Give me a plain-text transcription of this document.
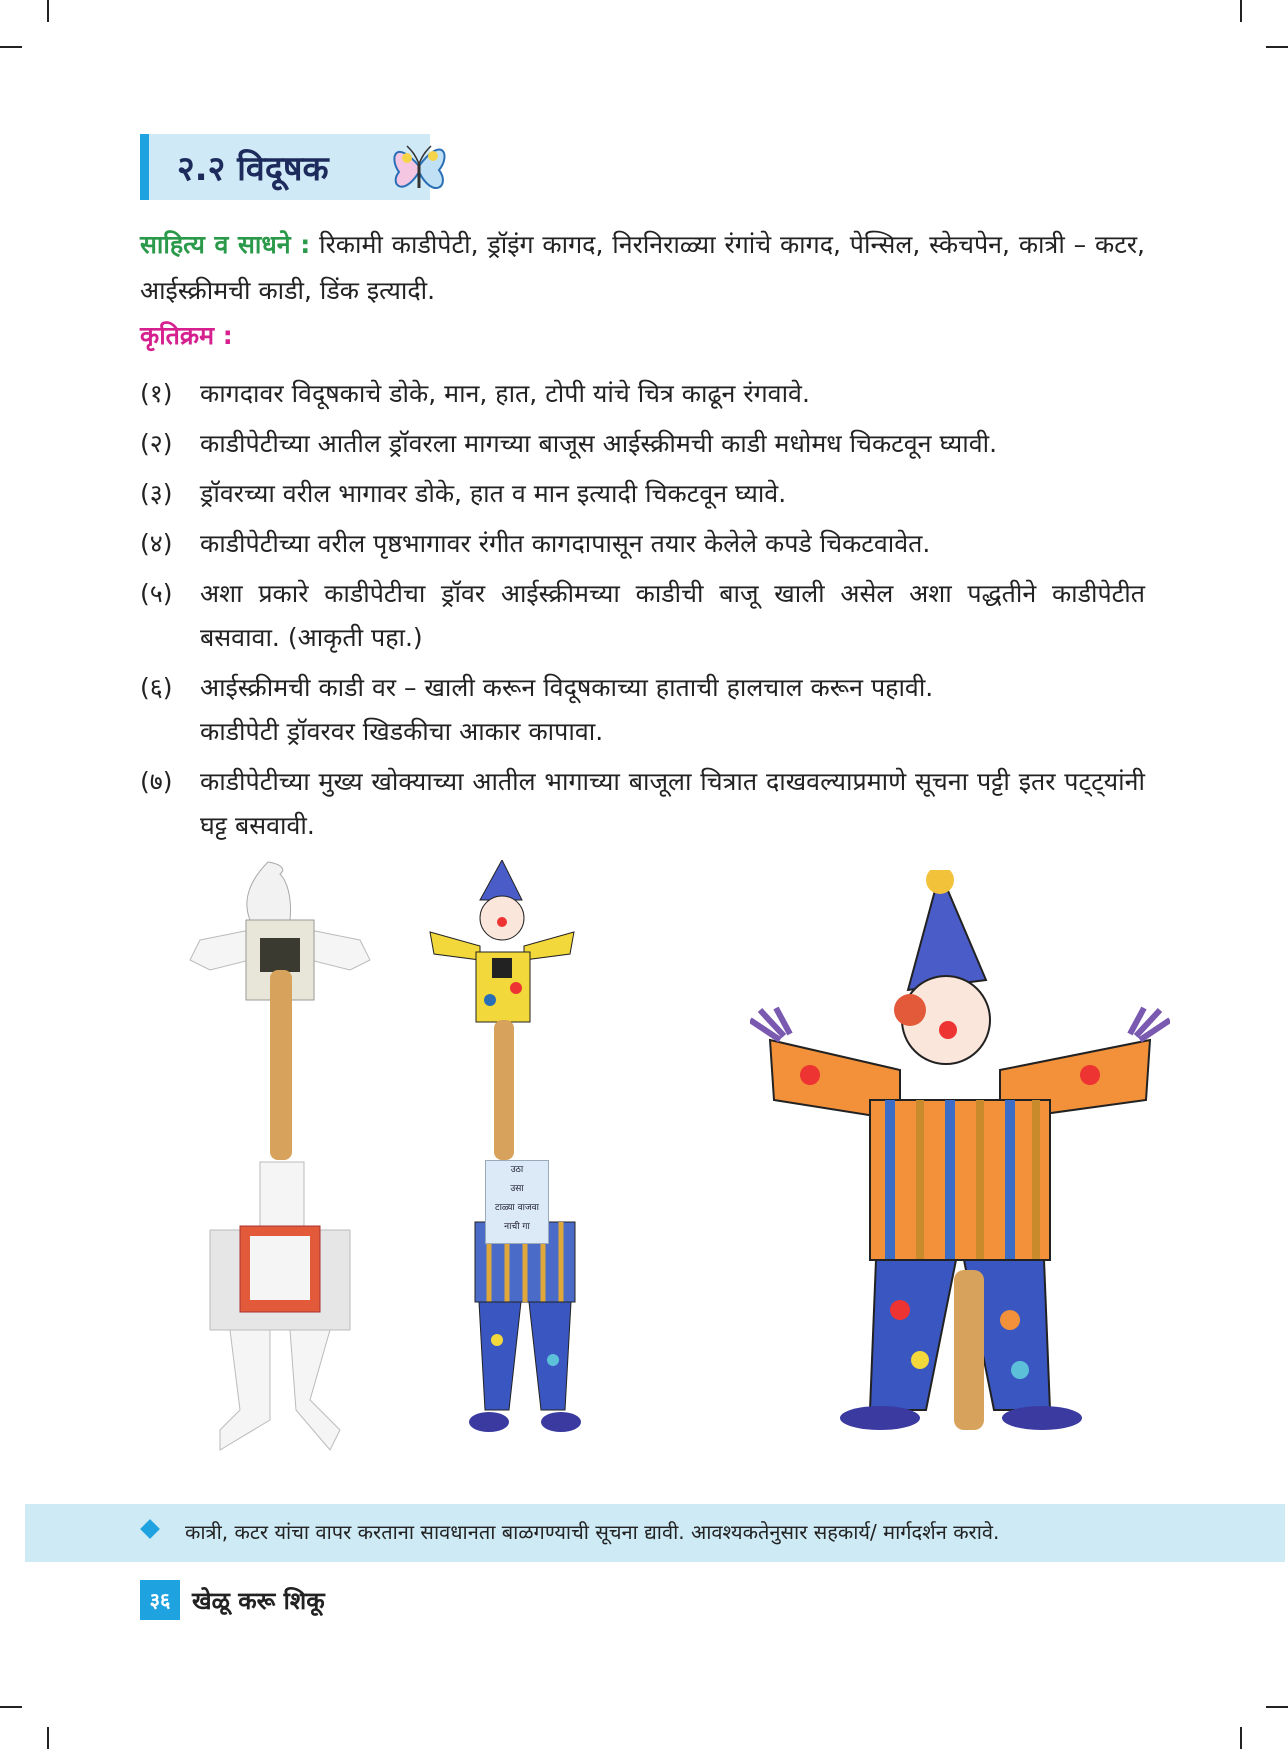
२.२ विदूषक
साहित्य व साधने : रिकामी काडीपेटी, ड्रॉइंग कागद, निरनिराळ्या रंगांचे कागद, पेन्सिल, स्केचपेन, कात्री – कटर, आईस्क्रीमची काडी, डिंक इत्यादी.
कृतिक्रम :
(१) कागदावर विदूषकाचे डोके, मान, हात, टोपी यांचे चित्र काढून रंगवावे.
(२) काडीपेटीच्या आतील ड्रॉवरला मागच्या बाजूस आईस्क्रीमची काडी मधोमध चिकटवून घ्यावी.
(३) ड्रॉवरच्या वरील भागावर डोके, हात व मान इत्यादी चिकटवून घ्यावे.
(४) काडीपेटीच्या वरील पृष्ठभागावर रंगीत कागदापासून तयार केलेले कपडे चिकटवावेत.
(५) अशा प्रकारे काडीपेटीचा ड्रॉवर आईस्क्रीमच्या काडीची बाजू खाली असेल अशा पद्धतीने काडीपेटीत बसवावा. (आकृती पहा.)
(६) आईस्क्रीमची काडी वर – खाली करून विदूषकाच्या हाताची हालचाल करून पहावी.
काडीपेटी ड्रॉवरवर खिडकीचा आकार कापावा.
(७) काडीपेटीच्या मुख्य खोक्याच्या आतील भागाच्या बाजूला चित्रात दाखवल्याप्रमाणे सूचना पट्टी इतर पट्ट्यांनी घट्ट बसवावी.
उठा
उसा
टाळ्या वाजवा
नाची गा
कात्री, कटर यांचा वापर करताना सावधानता बाळगण्याची सूचना द्यावी. आवश्यकतेनुसार सहकार्य/ मार्गदर्शन करावे.
३६ खेळू करू शिकू
